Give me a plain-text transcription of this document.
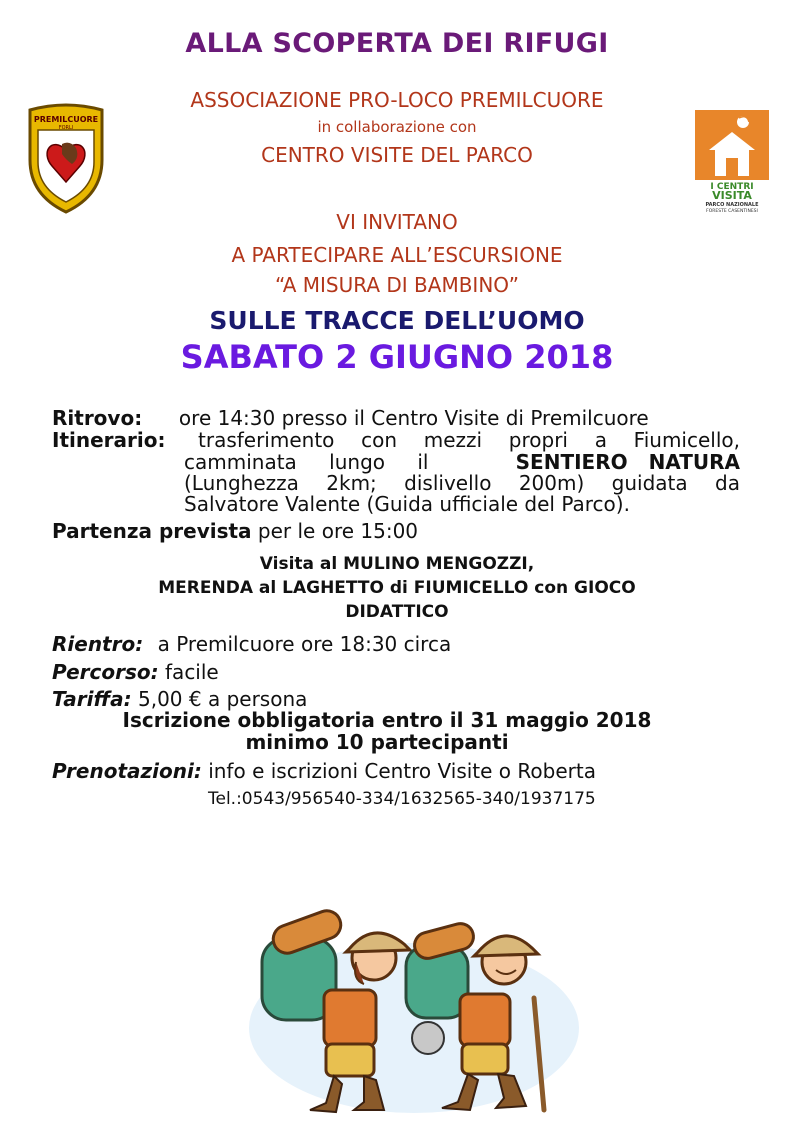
ALLA SCOPERTA DEI RIFUGI
ASSOCIAZIONE PRO-LOCO PREMILCUORE
in collaborazione con
CENTRO VISITE DEL PARCO
PREMILCUORE
FORLI
I CENTRI
VISITA
PARCO NAZIONALE
FORESTE CASENTINESI
VI INVITANO
A PARTECIPARE ALL’ESCURSIONE
“A MISURA DI BAMBINO”
SULLE TRACCE DELL’UOMO
SABATO 2 GIUGNO 2018
Ritrovo: ore 14:30 presso il Centro Visite di Premilcuore
Itinerario: trasferimento con mezzi propri a Fiumicello,
camminata lungo il	SENTIERO NATURA
(Lunghezza 2km; dislivello 200m) guidata da
Salvatore Valente (Guida ufficiale del Parco).
Partenza prevista per le ore 15:00
Visita al MULINO MENGOZZI,
MERENDA al LAGHETTO di FIUMICELLO con GIOCO
DIDATTICO
Rientro: a Premilcuore ore 18:30 circa
Percorso: facile
Tariffa: 5,00 € a persona
Iscrizione obbligatoria entro il 31 maggio 2018
minimo 10 partecipanti
Prenotazioni: info e iscrizioni Centro Visite o Roberta
Tel.:0543/956540-334/1632565-340/1937175
